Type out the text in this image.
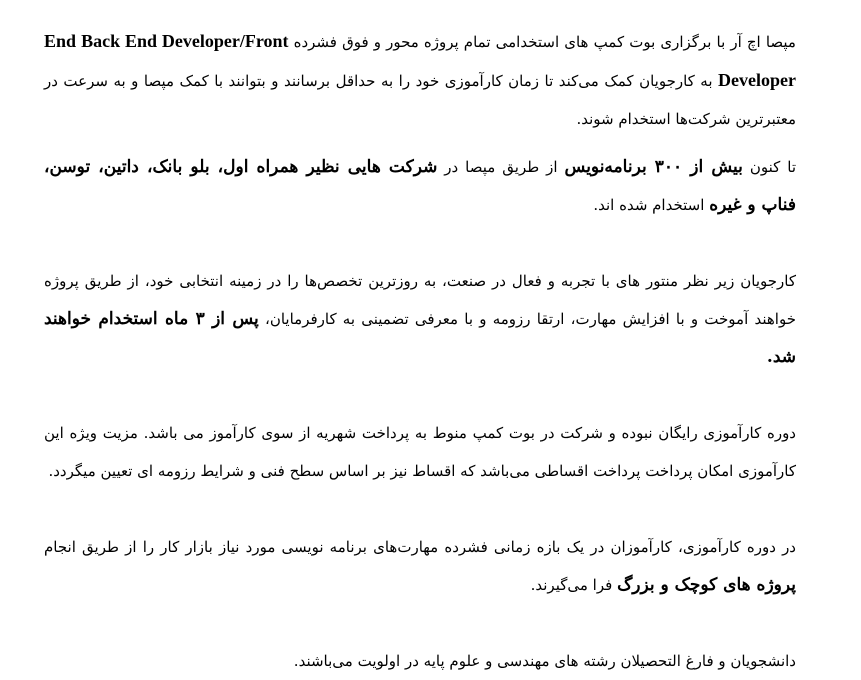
مپصا اچ آر با برگزاری بوت کمپ های استخدامی تمام پروژه محور و فوق فشرده Back End Developer/Front End Developer به کارجویان کمک می‌کند تا زمان کارآموزی خود را به حداقل برسانند و بتوانند با کمک مپصا و به سرعت در معتبرترین شرکت‌ها استخدام شوند.

تا کنون بیش از ۳۰۰ برنامه‌نویس از طریق مپصا در شرکت هایی نظیر همراه اول، بلو بانک، داتین، توسن، فناپ و غیره استخدام شده اند.

کارجویان زیر نظر منتور های با تجربه و فعال در صنعت، به روزترین تخصص‌ها را در زمینه انتخابی خود، از طریق پروژه خواهند آموخت و با افزایش مهارت، ارتقا رزومه و با معرفی تضمینی به کارفرمایان، پس از ۳ ماه استخدام خواهند شد.

دوره کارآموزی رایگان نبوده و شرکت در بوت کمپ منوط به پرداخت شهریه از سوی کارآموز می باشد. مزیت ویژه این کارآموزی امکان پرداخت پرداخت اقساطی می‌باشد که اقساط نیز بر اساس سطح فنی و شرایط رزومه ای تعیین میگردد.

در دوره کارآموزی، کارآموزان در یک بازه زمانی فشرده مهارت‌های برنامه نویسی مورد نیاز بازار کار را از طریق انجام پروژه های کوچک و بزرگ فرا می‌گیرند.

دانشجویان و فارغ التحصیلان رشته های مهندسی و علوم پایه در اولویت می‌باشند.
